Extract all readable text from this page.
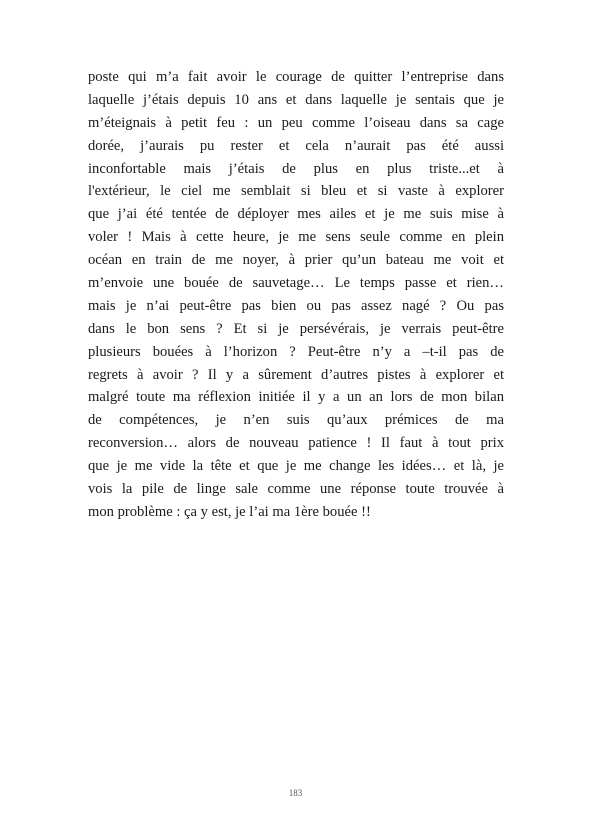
poste qui m’a fait avoir le courage de quitter l’entreprise dans
laquelle j’étais depuis 10 ans et dans laquelle je sentais que je
m’éteignais à petit feu : un peu comme l’oiseau dans sa cage
dorée, j’aurais pu rester et cela n’aurait pas été aussi
inconfortable mais j’étais de plus en plus triste...et à
l'extérieur, le ciel me semblait si bleu et si vaste à explorer
que j’ai été tentée de déployer mes ailes et je me suis mise à
voler ! Mais à cette heure, je me sens seule comme en plein
océan en train de me noyer, à prier qu’un bateau me voit et
m’envoie une bouée de sauvetage… Le temps passe et rien…
mais je n’ai peut-être pas bien ou pas assez nagé ? Ou pas
dans le bon sens ? Et si je persévérais, je verrais peut-être
plusieurs bouées à l’horizon ? Peut-être n’y a –t-il pas de
regrets à avoir ? Il y a sûrement d’autres pistes à explorer et
malgré toute ma réflexion initiée il y a un an lors de mon bilan
de compétences, je n’en suis qu’aux prémices de ma
reconversion… alors de nouveau patience ! Il faut à tout prix
que je me vide la tête et que je me change les idées… et là, je
vois la pile de linge sale comme une réponse toute trouvée à
mon problème : ça y est, je l’ai ma 1ère bouée !!
183
